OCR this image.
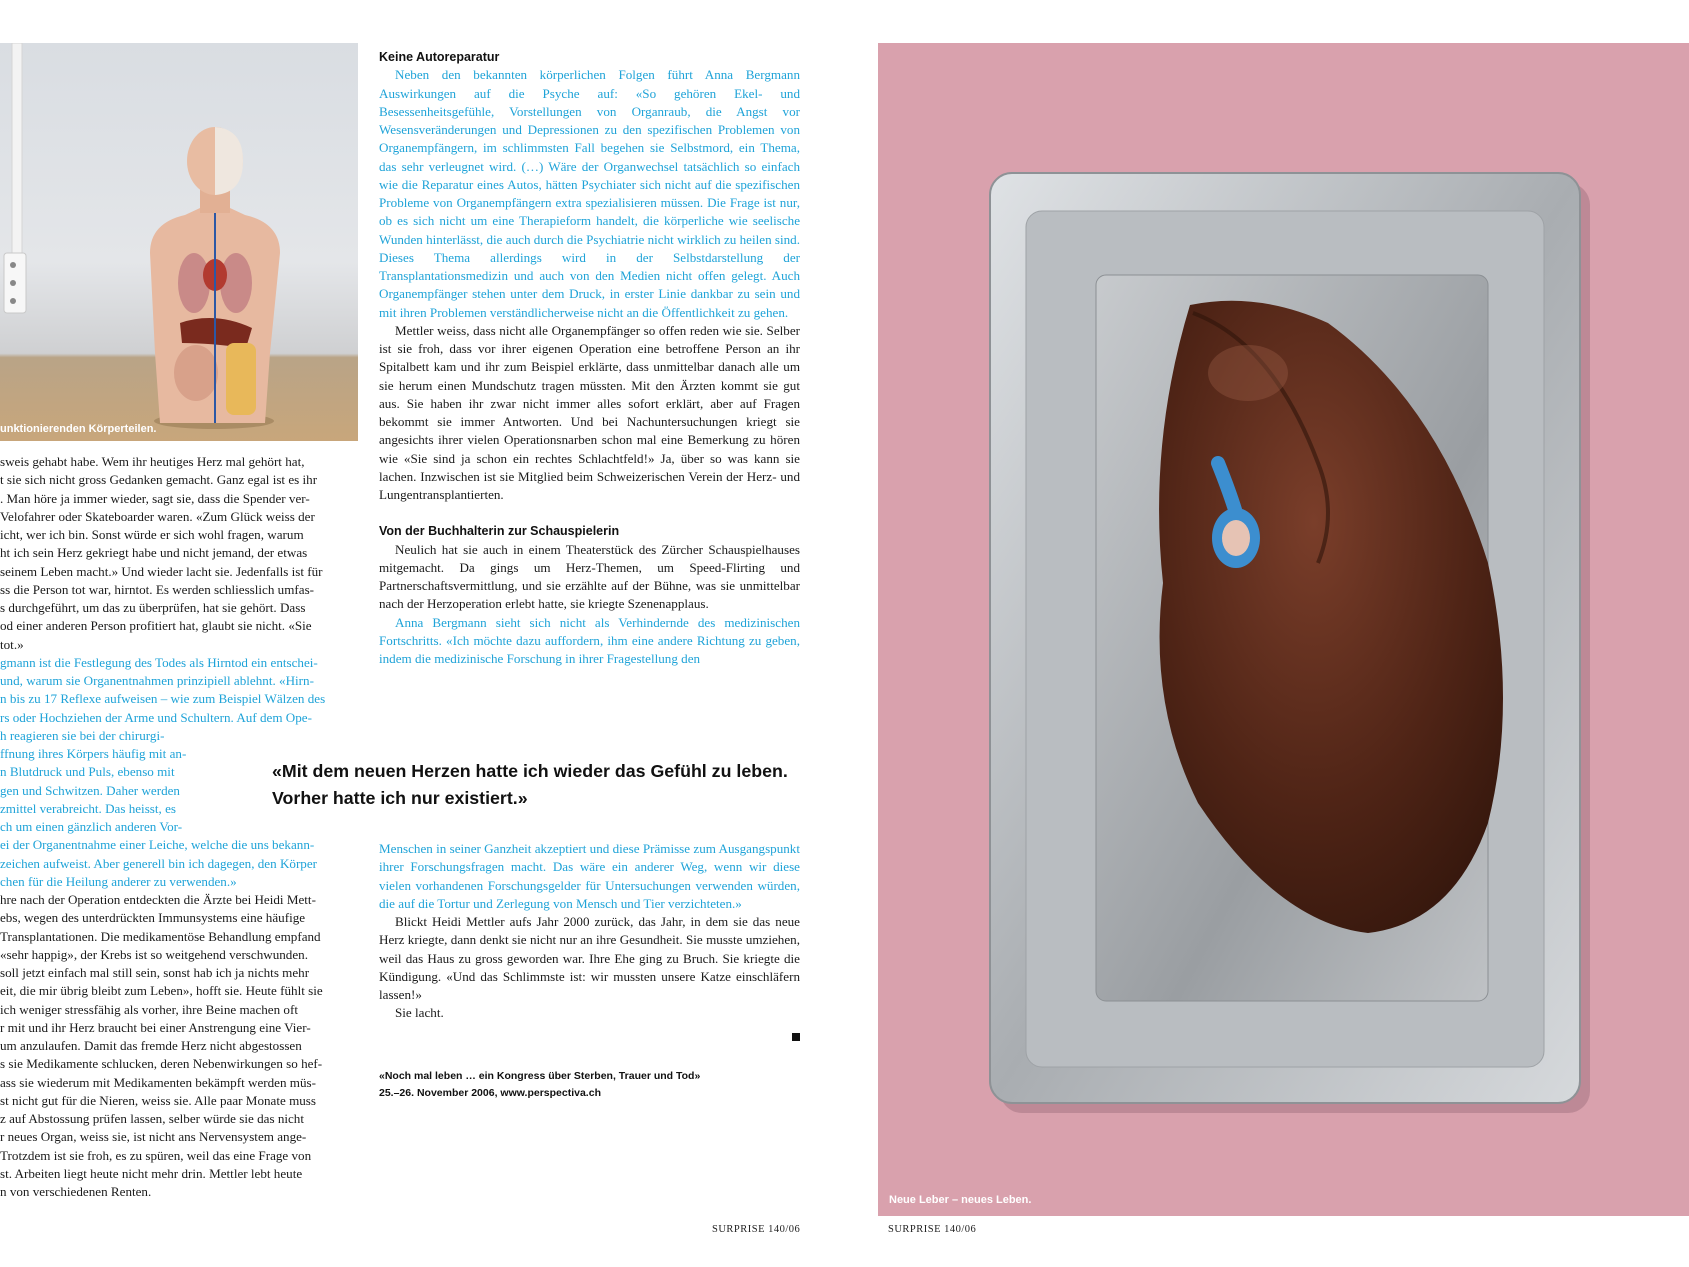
unktionierenden Körperteilen.
sweis gehabt habe. Wem ihr heutiges Herz mal gehört hat,
t sie sich nicht gross Gedanken gemacht. Ganz egal ist es ihr
. Man höre ja immer wieder, sagt sie, dass die Spender ver-
Velofahrer oder Skateboarder waren. «Zum Glück weiss der
icht, wer ich bin. Sonst würde er sich wohl fragen, warum
ht ich sein Herz gekriegt habe und nicht jemand, der etwas
seinem Leben macht.» Und wieder lacht sie. Jedenfalls ist für
ss die Person tot war, hirntot. Es werden schliesslich umfas-
s durchgeführt, um das zu überprüfen, hat sie gehört. Dass
od einer anderen Person profitiert hat, glaubt sie nicht. «Sie
tot.»
gmann ist die Festlegung des Todes als Hirntod ein entschei-
und, warum sie Organentnahmen prinzipiell ablehnt. «Hirn-
n bis zu 17 Reflexe aufweisen – wie zum Beispiel Wälzen des
rs oder Hochziehen der Arme und Schultern. Auf dem Ope-
h reagieren sie bei der chirurgi-
ffnung ihres Körpers häufig mit an-
n Blutdruck und Puls, ebenso mit
gen und Schwitzen. Daher werden
zmittel verabreicht. Das heisst, es
ch um einen gänzlich anderen Vor-
ei der Organentnahme einer Leiche, welche die uns bekann-
zeichen aufweist. Aber generell bin ich dagegen, den Körper
chen für die Heilung anderer zu verwenden.»
hre nach der Operation entdeckten die Ärzte bei Heidi Mett-
ebs, wegen des unterdrückten Immunsystems eine häufige
Transplantationen. Die medikamentöse Behandlung empfand
«sehr happig», der Krebs ist so weitgehend verschwunden.
soll jetzt einfach mal still sein, sonst hab ich ja nichts mehr
eit, die mir übrig bleibt zum Leben», hofft sie. Heute fühlt sie
ich weniger stressfähig als vorher, ihre Beine machen oft
r mit und ihr Herz braucht bei einer Anstrengung eine Vier-
um anzulaufen. Damit das fremde Herz nicht abgestossen
s sie Medikamente schlucken, deren Nebenwirkungen so hef-
ass sie wiederum mit Medikamenten bekämpft werden müs-
st nicht gut für die Nieren, weiss sie. Alle paar Monate muss
z auf Abstossung prüfen lassen, selber würde sie das nicht
r neues Organ, weiss sie, ist nicht ans Nervensystem ange-
Trotzdem ist sie froh, es zu spüren, weil das eine Frage von
st. Arbeiten liegt heute nicht mehr drin. Mettler lebt heute
n von verschiedenen Renten.
Keine Autoreparatur

Neben den bekannten körperlichen Folgen führt Anna Bergmann Auswirkungen auf die Psyche auf: «So gehören Ekel- und Besessenheitsgefühle, Vorstellungen von Organraub, die Angst vor Wesensveränderungen und Depressionen zu den spezifischen Problemen von Organempfängern, im schlimmsten Fall begehen sie Selbstmord, ein Thema, das sehr verleugnet wird. (…) Wäre der Organwechsel tatsächlich so einfach wie die Reparatur eines Autos, hätten Psychiater sich nicht auf die spezifischen Probleme von Organempfängern extra spezialisieren müssen. Die Frage ist nur, ob es sich nicht um eine Therapieform handelt, die körperliche wie seelische Wunden hinterlässt, die auch durch die Psychiatrie nicht wirklich zu heilen sind. Dieses Thema allerdings wird in der Selbstdarstellung der Transplantationsmedizin und auch von den Medien nicht offen gelegt. Auch Organempfänger stehen unter dem Druck, in erster Linie dankbar zu sein und mit ihren Problemen verständlicherweise nicht an die Öffentlichkeit zu gehen.

Mettler weiss, dass nicht alle Organempfänger so offen reden wie sie. Selber ist sie froh, dass vor ihrer eigenen Operation eine betroffene Person an ihr Spitalbett kam und ihr zum Beispiel erklärte, dass unmittelbar danach alle um sie herum einen Mundschutz tragen müssten. Mit den Ärzten kommt sie gut aus. Sie haben ihr zwar nicht immer alles sofort erklärt, aber auf Fragen bekommt sie immer Antworten. Und bei Nachuntersuchungen kriegt sie angesichts ihrer vielen Operationsnarben schon mal eine Bemerkung zu hören wie «Sie sind ja schon ein rechtes Schlachtfeld!» Ja, über so was kann sie lachen. Inzwischen ist sie Mitglied beim Schweizerischen Verein der Herz- und Lungentransplantierten.

Von der Buchhalterin zur Schauspielerin

Neulich hat sie auch in einem Theaterstück des Zürcher Schauspielhauses mitgemacht. Da gings um Herz-Themen, um Speed-Flirting und Partnerschaftsvermittlung, und sie erzählte auf der Bühne, was sie unmittelbar nach der Herzoperation erlebt hatte, sie kriegte Szenenapplaus.

Anna Bergmann sieht sich nicht als Verhindernde des medizinischen Fortschritts. «Ich möchte dazu auffordern, ihm eine andere Richtung zu geben, indem die medizinische Forschung in ihrer Fragestellung den

«Mit dem neuen Herzen hatte ich wieder das Gefühl zu leben.
Vorher hatte ich nur existiert.»

Menschen in seiner Ganzheit akzeptiert und diese Prämisse zum Ausgangspunkt ihrer Forschungsfragen macht. Das wäre ein anderer Weg, wenn wir diese vielen vorhandenen Forschungsgelder für Untersuchungen verwenden würden, die auf die Tortur und Zerlegung von Mensch und Tier verzichteten.»

Blickt Heidi Mettler aufs Jahr 2000 zurück, das Jahr, in dem sie das neue Herz kriegte, dann denkt sie nicht nur an ihre Gesundheit. Sie musste umziehen, weil das Haus zu gross geworden war. Ihre Ehe ging zu Bruch. Sie kriegte die Kündigung. «Und das Schlimmste ist: wir mussten unsere Katze einschläfern lassen!»

Sie lacht.

«Noch mal leben … ein Kongress über Sterben, Trauer und Tod»
25.–26. November 2006, www.perspectiva.ch
SURPRISE 140/06
Neue Leber – neues Leben.
SURPRISE 140/06
